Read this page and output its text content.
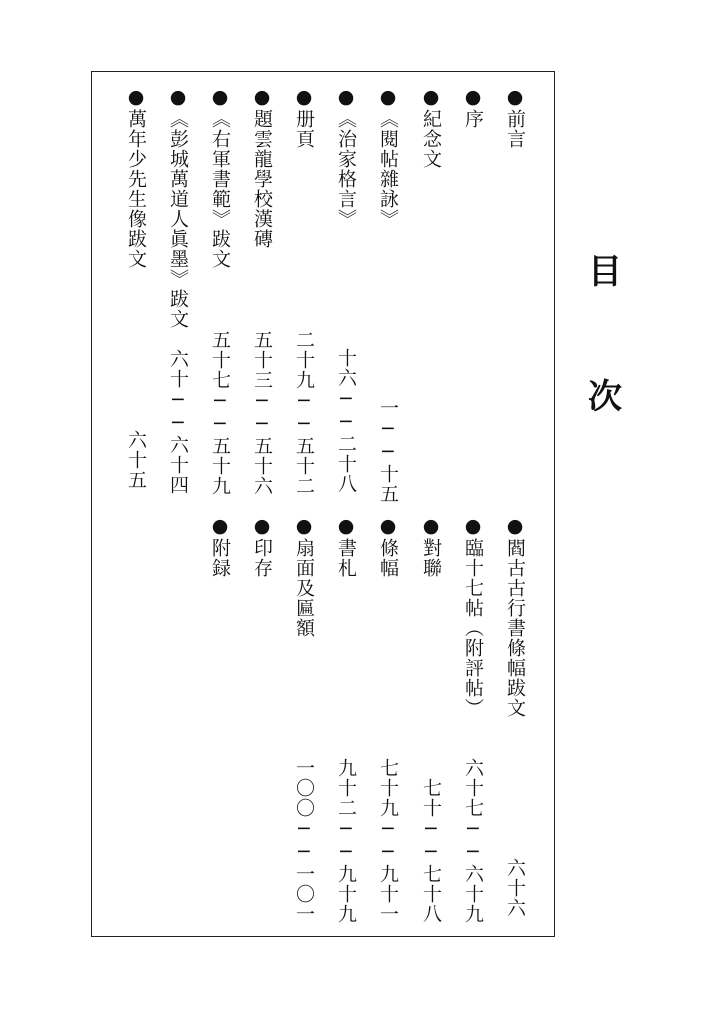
目
次
●前言
●序
●紀念文
●《閱帖雜詠》
一──十五
●《治家格言》
十六──二十八
●册頁
二十九──五十二
●題雲龍學校漢磚
五十三──五十六
●《右軍書範》跋文
五十七──五十九
●《彭城萬道人眞墨》跋文
六十──六十四
●萬年少先生像跋文
六十五
●閻古古行書條幅跋文
六十六
●臨十七帖（附評帖）
六十七──六十九
●對聯
七十──七十八
●條幅
七十九──九十一
●書札
九十二──九十九
●扇面及匾額
一〇〇──一〇一
●印存
●附録
